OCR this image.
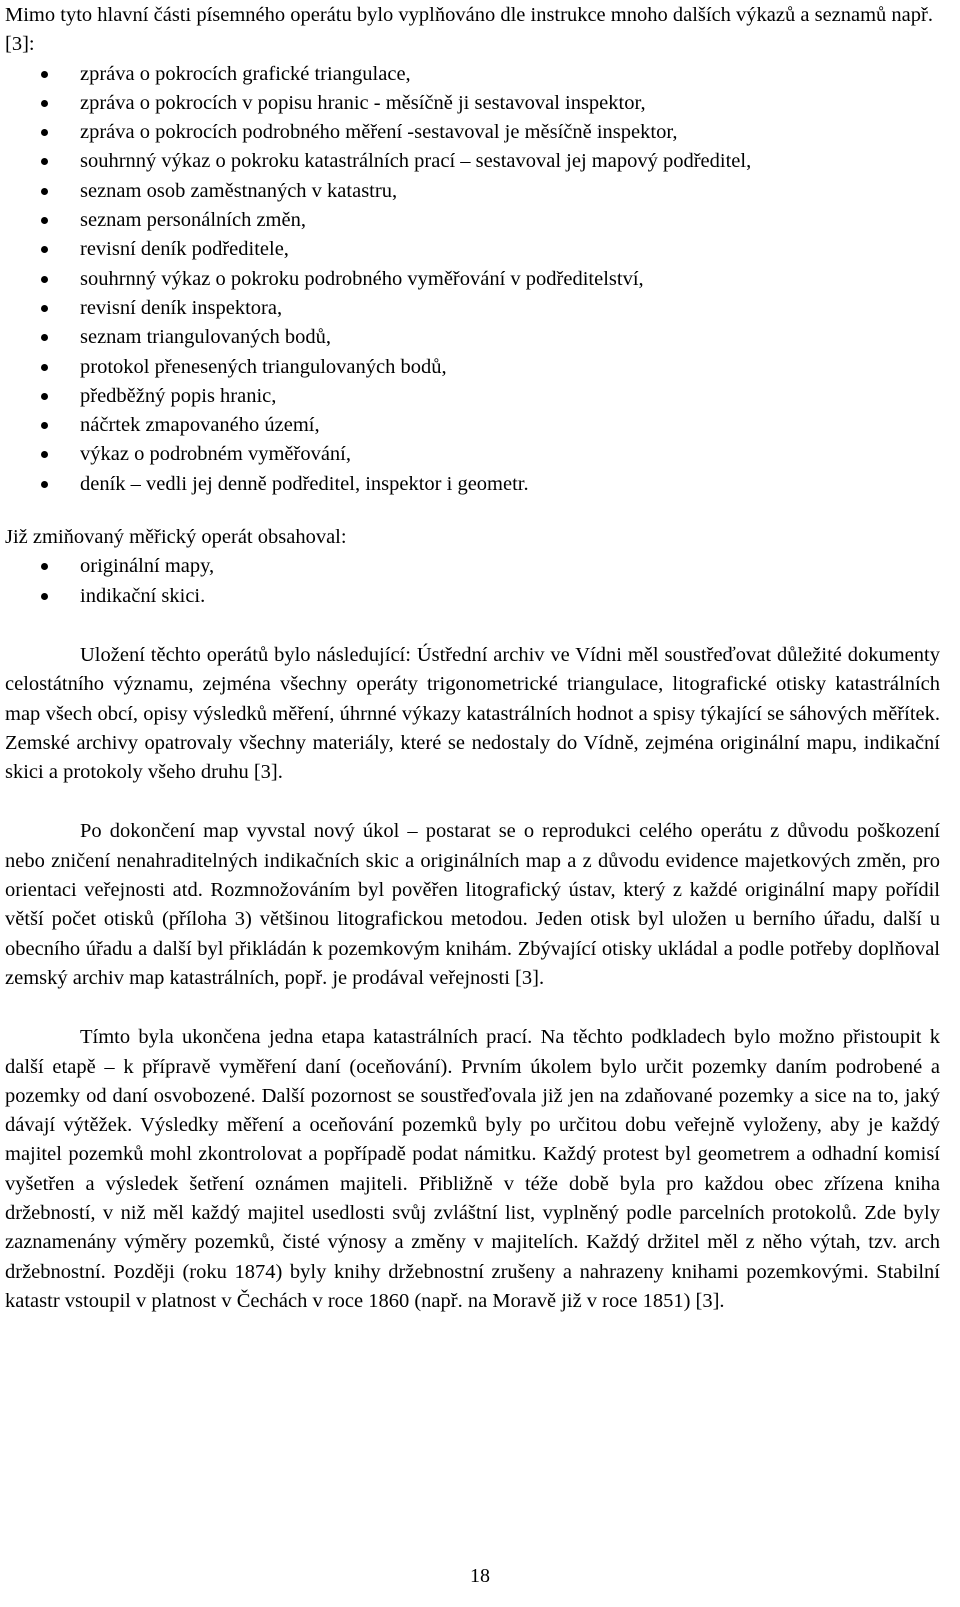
Mimo tyto hlavní části písemného operátu bylo vyplňováno dle instrukce mnoho dalších výkazů a seznamů např. [3]:

zpráva o pokrocích grafické triangulace,
zpráva o pokrocích v popisu hranic - měsíčně ji sestavoval inspektor,
zpráva o pokrocích podrobného měření -sestavoval je měsíčně inspektor,
souhrnný výkaz o pokroku katastrálních prací – sestavoval jej mapový podředitel,
seznam osob zaměstnaných v katastru,
seznam personálních změn,
revisní deník podředitele,
souhrnný výkaz o pokroku podrobného vyměřování v podředitelství,
revisní deník inspektora,
seznam triangulovaných bodů,
protokol přenesených triangulovaných bodů,
předběžný popis hranic,
náčrtek zmapovaného území,
výkaz o podrobném vyměřování,
deník – vedli jej denně podředitel, inspektor i geometr.

Již zmiňovaný měřický operát obsahoval:

originální mapy,
indikační skici.

Uložení těchto operátů bylo následující: Ústřední archiv ve Vídni měl soustřeďovat důležité dokumenty celostátního významu, zejména všechny operáty trigonometrické triangulace, litografické otisky katastrálních map všech obcí, opisy výsledků měření, úhrnné výkazy katastrálních hodnot a spisy týkající se sáhových měřítek. Zemské archivy opatrovaly všechny materiály, které se nedostaly do Vídně, zejména originální mapu, indikační skici a protokoly všeho druhu [3].

Po dokončení map vyvstal nový úkol – postarat se o reprodukci celého operátu z důvodu poškození nebo zničení nenahraditelných indikačních skic a originálních map a z důvodu evidence majetkových změn, pro orientaci veřejnosti atd. Rozmnožováním byl pověřen litografický ústav, který z každé originální mapy pořídil větší počet otisků (příloha 3) většinou litografickou metodou. Jeden otisk byl uložen u berního úřadu, další u obecního úřadu a další byl přikládán k pozemkovým knihám. Zbývající otisky ukládal a podle potřeby doplňoval zemský archiv map katastrálních, popř. je prodával veřejnosti [3].

Tímto byla ukončena jedna etapa katastrálních prací. Na těchto podkladech bylo možno přistoupit k další etapě – k přípravě vyměření daní (oceňování). Prvním úkolem bylo určit pozemky daním podrobené a pozemky od daní osvobozené. Další pozornost se soustřeďovala již jen na zdaňované pozemky a sice na to, jaký dávají výtěžek. Výsledky měření a oceňování pozemků byly po určitou dobu veřejně vyloženy, aby je každý majitel pozemků mohl zkontrolovat a popřípadě podat námitku. Každý protest byl geometrem a odhadní komisí vyšetřen a výsledek šetření oznámen majiteli. Přibližně v téže době byla pro každou obec zřízena kniha držebností, v niž měl každý majitel usedlosti svůj zvláštní list, vyplněný podle parcelních protokolů. Zde byly zaznamenány výměry pozemků, čisté výnosy a změny v majitelích. Každý držitel měl z něho výtah, tzv. arch držebnostní. Později (roku 1874) byly knihy držebnostní zrušeny a nahrazeny knihami pozemkovými. Stabilní katastr vstoupil v platnost v Čechách v roce 1860 (např. na Moravě již v roce 1851) [3].

18
